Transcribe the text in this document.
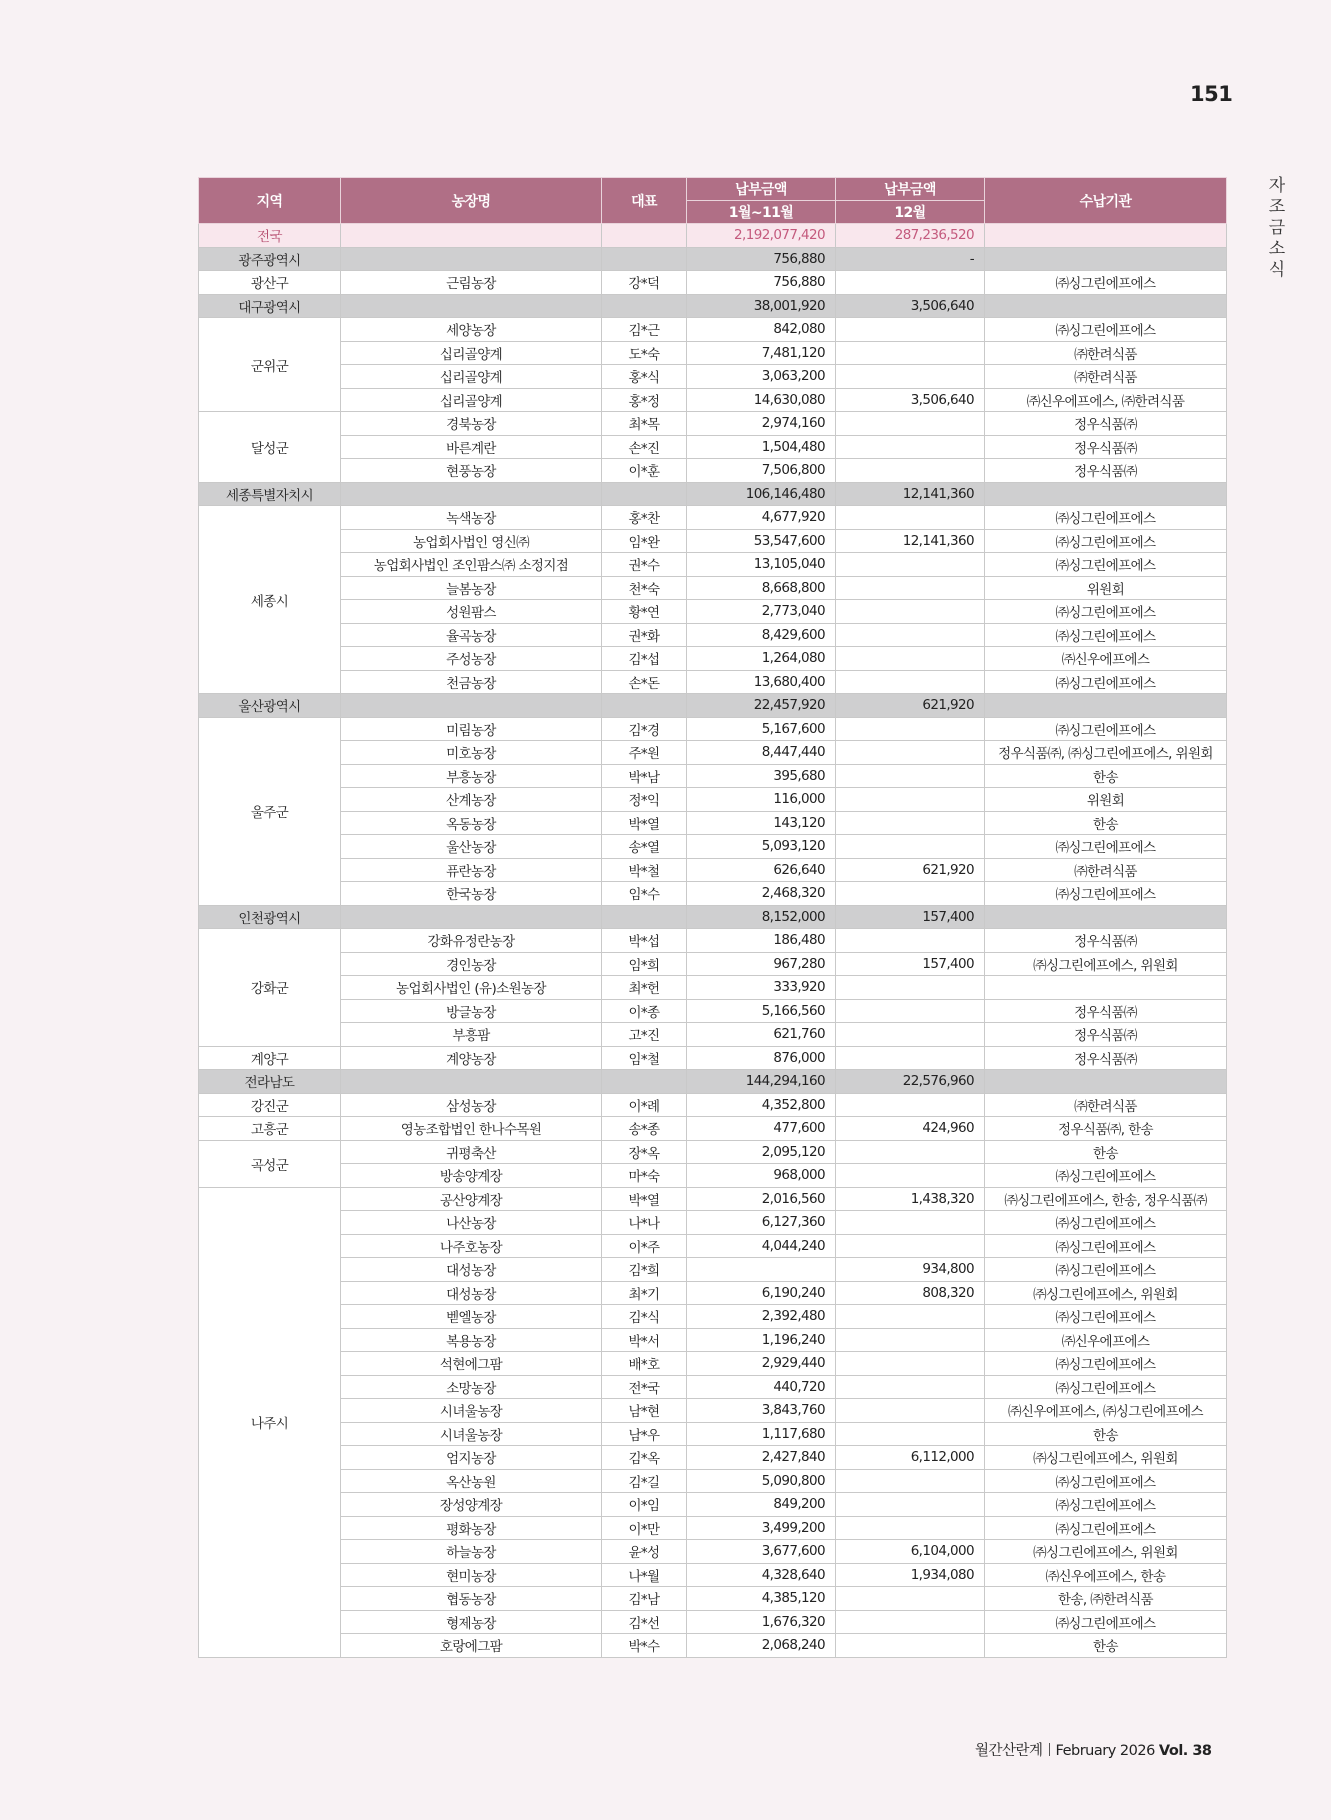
151
자
조
금
소
식
지역	농장명	대표	납부금액	납부금액	수납기관
			1월~11월	12월	
전국			2,192,077,420	287,236,520	
광주광역시			756,880	-	
광산구	근림농장	강*덕	756,880		㈜싱그린에프에스
대구광역시			38,001,920	3,506,640	
군위군	세양농장	김*근	842,080		㈜싱그린에프에스
	십리골양계	도*숙	7,481,120		㈜한려식품
	십리골양계	홍*식	3,063,200		㈜한려식품
	십리골양계	홍*정	14,630,080	3,506,640	㈜신우에프에스, ㈜한려식품
달성군	경북농장	최*목	2,974,160		정우식품㈜
	바른계란	손*진	1,504,480		정우식품㈜
	현풍농장	이*훈	7,506,800		정우식품㈜
세종특별자치시			106,146,480	12,141,360	
세종시	녹색농장	홍*찬	4,677,920		㈜싱그린에프에스
	농업회사법인 영신㈜	임*완	53,547,600	12,141,360	㈜싱그린에프에스
	농업회사법인 조인팜스㈜ 소정지점	권*수	13,105,040		㈜싱그린에프에스
	늘봄농장	천*숙	8,668,800		위원회
	성원팜스	황*연	2,773,040		㈜싱그린에프에스
	율곡농장	권*화	8,429,600		㈜싱그린에프에스
	주성농장	김*섭	1,264,080		㈜신우에프에스
	천금농장	손*돈	13,680,400		㈜싱그린에프에스
울산광역시			22,457,920	621,920	
울주군	미림농장	김*경	5,167,600		㈜싱그린에프에스
	미호농장	주*원	8,447,440		정우식품㈜, ㈜싱그린에프에스, 위원회
	부흥농장	박*남	395,680		한송
	산계농장	정*익	116,000		위원회
	옥동농장	박*열	143,120		한송
	울산농장	송*열	5,093,120		㈜싱그린에프에스
	퓨란농장	박*철	626,640	621,920	㈜한려식품
	한국농장	임*수	2,468,320		㈜싱그린에프에스
인천광역시			8,152,000	157,400	
강화군	강화유정란농장	박*섭	186,480		정우식품㈜
	경인농장	임*희	967,280	157,400	㈜싱그린에프에스, 위원회
	농업회사법인 (유)소원농장	최*헌	333,920		
	방글농장	이*종	5,166,560		정우식품㈜
	부흥팜	고*진	621,760		정우식품㈜
계양구	계양농장	임*철	876,000		정우식품㈜
전라남도			144,294,160	22,576,960	
강진군	삼성농장	이*례	4,352,800		㈜한려식품
고흥군	영농조합법인 한나수목원	송*종	477,600	424,960	정우식품㈜, 한송
곡성군	귀평축산	장*옥	2,095,120		한송
	방송양계장	마*숙	968,000		㈜싱그린에프에스
나주시	공산양계장	박*열	2,016,560	1,438,320	㈜싱그린에프에스, 한송, 정우식품㈜
	나산농장	나*나	6,127,360		㈜싱그린에프에스
	나주호농장	이*주	4,044,240		㈜싱그린에프에스
	대성농장	김*희		934,800	㈜싱그린에프에스
	대성농장	최*기	6,190,240	808,320	㈜싱그린에프에스, 위원회
	벧엘농장	김*식	2,392,480		㈜싱그린에프에스
	복용농장	박*서	1,196,240		㈜신우에프에스
	석현에그팜	배*호	2,929,440		㈜싱그린에프에스
	소망농장	전*국	440,720		㈜싱그린에프에스
	시녀울농장	남*현	3,843,760		㈜신우에프에스, ㈜싱그린에프에스
	시녀울농장	남*우	1,117,680		한송
	엄지농장	김*옥	2,427,840	6,112,000	㈜싱그린에프에스, 위원회
	옥산농원	김*길	5,090,800		㈜싱그린에프에스
	장성양계장	이*임	849,200		㈜싱그린에프에스
	평화농장	이*만	3,499,200		㈜싱그린에프에스
	하늘농장	윤*성	3,677,600	6,104,000	㈜싱그린에프에스, 위원회
	현미농장	나*월	4,328,640	1,934,080	㈜신우에프에스, 한송
	협동농장	김*남	4,385,120		한송, ㈜한려식품
	형제농장	김*선	1,676,320		㈜싱그린에프에스
	호랑에그팜	박*수	2,068,240		한송
월간산란계 February 2026 Vol. 38
